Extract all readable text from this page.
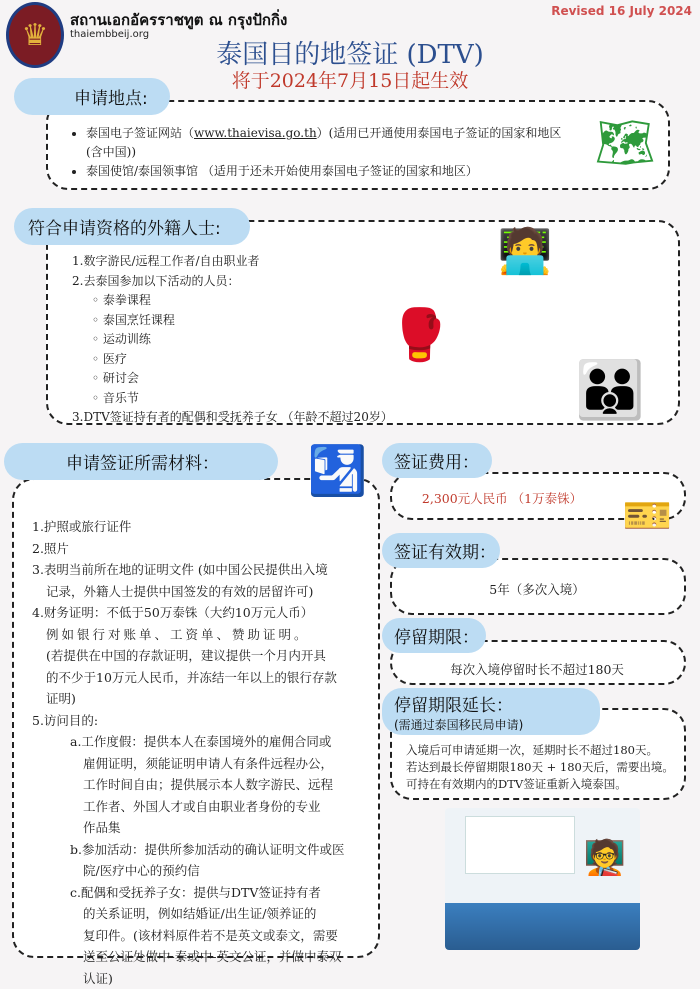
♛ สถานเอกอัครราชทูต ณ กรุงปักกิ่ง
thaiembbeij.org
Revised 16 July 2024
泰国目的地签证 (DTV)
将于2024年7月15日起生效
• 泰国电子签证网站（www.thaievisa.go.th）(适用已开通使用泰国电子签证的国家和地区 (含中国))
• 泰国使馆/泰国领事馆 （适用于还未开始使用泰国电子签证的国家和地区）
申请地点:
🗺
1.数字游民/远程工作者/自由职业者
2.去泰国参加以下活动的人员：
◦ 泰拳课程
◦ 泰国烹饪课程
◦ 运动训练
◦ 医疗
◦ 研讨会
◦ 音乐节
3.DTV签证持有者的配偶和受抚养子女 （年龄不超过20岁）
符合申请资格的外籍人士:	🧑‍💻
🥊
👪
1.护照或旅行证件
2.照片
3.表明当前所在地的证明文件 (如中国公民提供出入境
记录，外籍人士提供中国签发的有效的居留许可)
4.财务证明：不低于50万泰铢（大约10万元人币）
例如银行对账单、工资单、赞助证明。
(若提供在中国的存款证明，建议提供一个月内开具
的不少于10万元人民币，并冻结一年以上的银行存款
证明)
5.访问目的:
a.工作度假：提供本人在泰国境外的雇佣合同或
雇佣证明，须能证明申请人有条件远程办公，
工作时间自由；提供展示本人数字游民、远程
工作者、外国人才或自由职业者身份的专业
作品集
b.参加活动：提供所参加活动的确认证明文件或医
院/医疗中心的预约信
c.配偶和受抚养子女：提供与DTV签证持有者
的关系证明，例如结婚证/出生证/领养证的
复印件。(该材料原件若不是英文或泰文，需要
送至公证处做中-泰或中-英文公证，并做中泰双
认证)
申请签证所需材料：	🛂	2,300元人民币 （1万泰铢）
签证费用：
🎫
5年（多次入境）
签证有效期：
每次入境停留时长不超过180天
停留期限：
入境后可申请延期一次，延期时长不超过180天。
若达到最长停留期限180天 + 180天后，需要出境。
可持在有效期内的DTV签证重新入境泰国。
停留期限延长：
(需通过泰国移民局申请)
🧑‍🏫
